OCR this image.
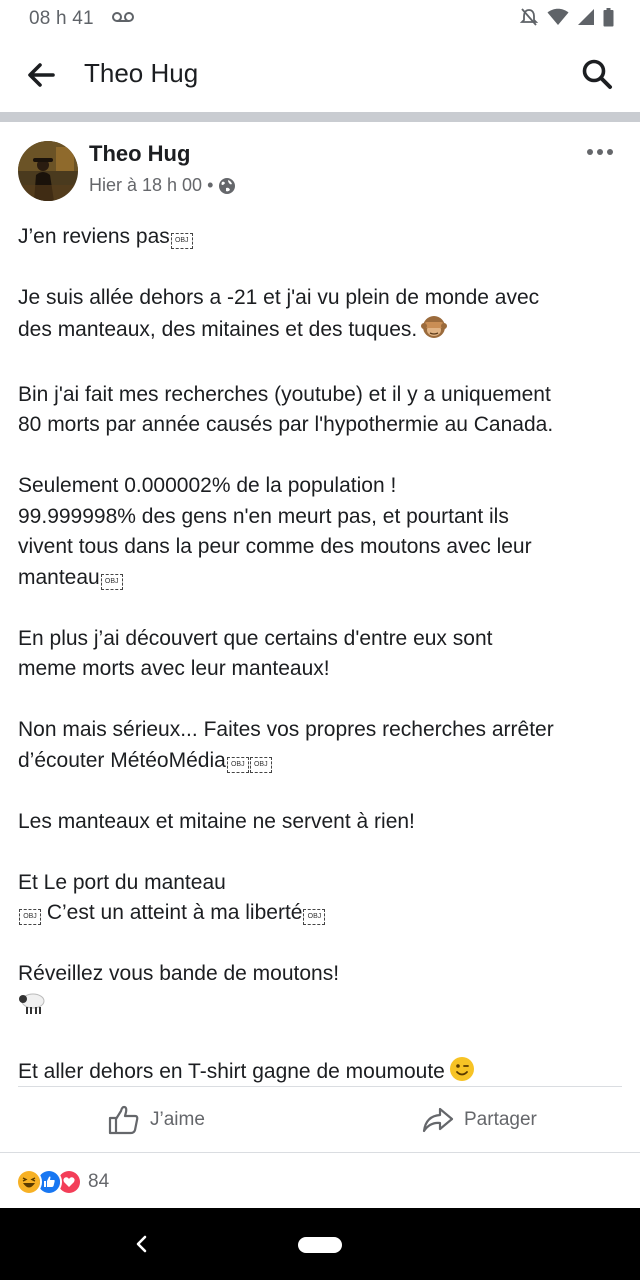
08 h 41
Theo Hug
Theo Hug
Hier à 18 h 00 •
J’en reviens pas OBJ
Je suis allée dehors a -21 et j'ai vu plein de monde avec
des manteaux, des mitaines et des tuques.
Bin j'ai fait mes recherches (youtube) et il y a uniquement
80 morts par année causés par l'hypothermie au Canada.
Seulement 0.000002% de la population !
99.999998% des gens n'en meurt pas, et pourtant ils
vivent tous dans la peur comme des moutons avec leur
manteau OBJ
En plus j’ai découvert que certains d'entre eux sont
meme morts avec leur manteaux!
Non mais sérieux... Faites vos propres recherches arrêter
d’écouter MétéoMédia OBJ OBJ
Les manteaux et mitaine ne servent à rien!
Et Le port du manteau
OBJ C’est un atteint à ma liberté OBJ
Réveillez vous bande de moutons!
Et aller dehors en T-shirt gagne de moumoute
J’aime	Partager
84
